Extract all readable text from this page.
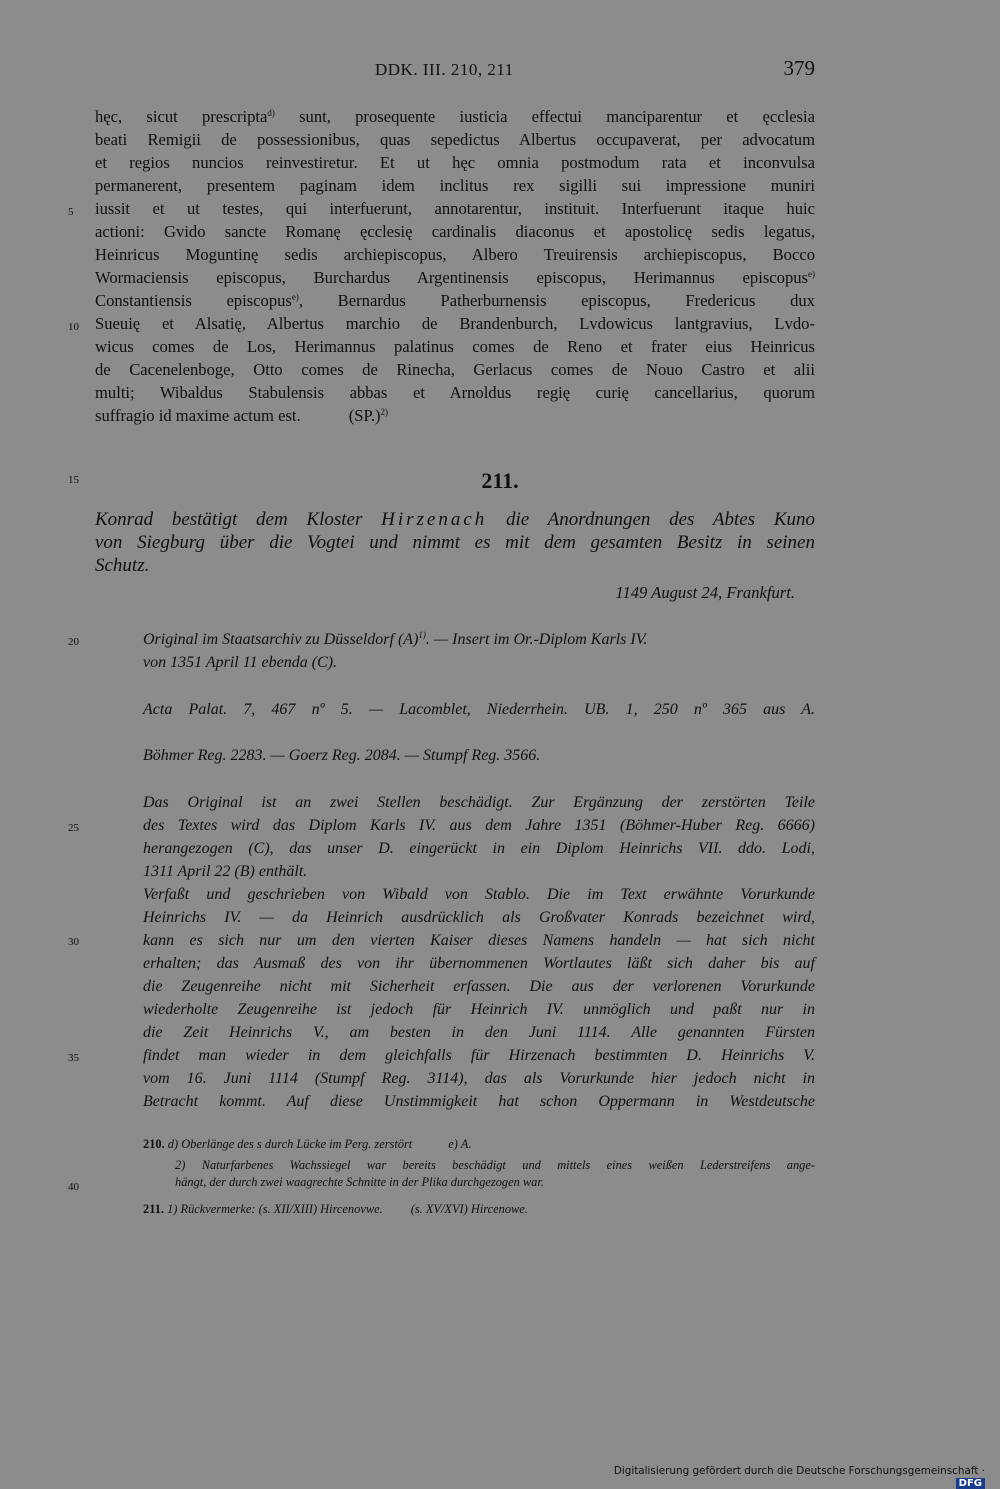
DDK. III. 210, 211	379
5
10
15
20
25
30
35
40
hęc, sicut prescripta$^{d)}$ sunt, prosequente iusticia effectui manciparentur et ęcclesia
beati Remigii de possessionibus, quas sepedictus Albertus occupaverat, per advocatum
et regios nuncios reinvestiretur. Et ut hęc omnia postmodum rata et inconvulsa
permanerent, presentem paginam idem inclitus rex sigilli sui impressione muniri
iussit et ut testes, qui interfuerunt, annotarentur, instituit. Interfuerunt itaque huic
actioni: Gvido sancte Romanę ęcclesię cardinalis diaconus et apostolicę sedis legatus,
Heinricus Moguntinę sedis archiepiscopus, Albero Treuirensis archiepiscopus, Bocco
Wormaciensis episcopus, Burchardus Argentinensis episcopus, Herimannus episcopus$^{e)}$
Constantiensis episcopus$^{e)}$, Bernardus Patherburnensis episcopus, Fredericus dux
Sueuię et Alsatię, Albertus marchio de Brandenburch, Lvdowicus lantgravius, Lvdo-
wicus comes de Los, Herimannus palatinus comes de Reno et frater eius Heinricus
de Cacenelenboge, Otto comes de Rinecha, Gerlacus comes de Nouo Castro et alii
multi; Wibaldus Stabulensis abbas et Arnoldus regię curię cancellarius, quorum
suffragio id maxime actum est.	$(SP.)^{2)}$
211.
Konrad bestätigt dem Kloster Hirzenach die Anordnungen des Abtes Kuno
von Siegburg über die Vogtei und nimmt es mit dem gesamten Besitz in seinen
Schutz.
1149 August 24, Frankfurt.
Original im Staatsarchiv zu Düsseldorf $(A)^{1)}$. — Insert im Or.-Diplom Karls IV.
von 1351 April 11 ebenda (C).
Acta Palat. 7, 467 nº 5. — Lacomblet, Niederrhein. UB. 1, 250 nº 365 aus A.
Böhmer Reg. 2283. — Goerz Reg. 2084. — Stumpf Reg. 3566.
Das Original ist an zwei Stellen beschädigt. Zur Ergänzung der zerstörten Teile
des Textes wird das Diplom Karls IV. aus dem Jahre 1351 (Böhmer-Huber Reg. 6666)
herangezogen (C), das unser D. eingerückt in ein Diplom Heinrichs VII. ddo. Lodi,
1311 April 22 (B) enthält.
Verfaßt und geschrieben von Wibald von Stablo. Die im Text erwähnte Vorurkunde
Heinrichs IV. — da Heinrich ausdrücklich als Großvater Konrads bezeichnet wird,
kann es sich nur um den vierten Kaiser dieses Namens handeln — hat sich nicht
erhalten; das Ausmaß des von ihr übernommenen Wortlautes läßt sich daher bis auf
die Zeugenreihe nicht mit Sicherheit erfassen. Die aus der verlorenen Vorurkunde
wiederholte Zeugenreihe ist jedoch für Heinrich IV. unmöglich und paßt nur in
die Zeit Heinrichs V., am besten in den Juni 1114. Alle genannten Fürsten
findet man wieder in dem gleichfalls für Hirzenach bestimmten D. Heinrichs V.
vom 16. Juni 1114 (Stumpf Reg. 3114), das als Vorurkunde hier jedoch nicht in
Betracht kommt. Auf diese Unstimmigkeit hat schon Oppermann in Westdeutsche
210. d) Oberlänge des s durch Lücke im Perg. zerstört	e) A.
2) Naturfarbenes Wachssiegel war bereits beschädigt und mittels eines weißen Lederstreifens ange-
hängt, der durch zwei waagrechte Schnitte in der Plika durchgezogen war.
211. 1) Rückvermerke: (s. XII/XIII) Hircenovwe. (s. XV/XVI) Hircenowe.
Digitalisierung gefördert durch die Deutsche Forschungsgemeinschaft ·DFG
